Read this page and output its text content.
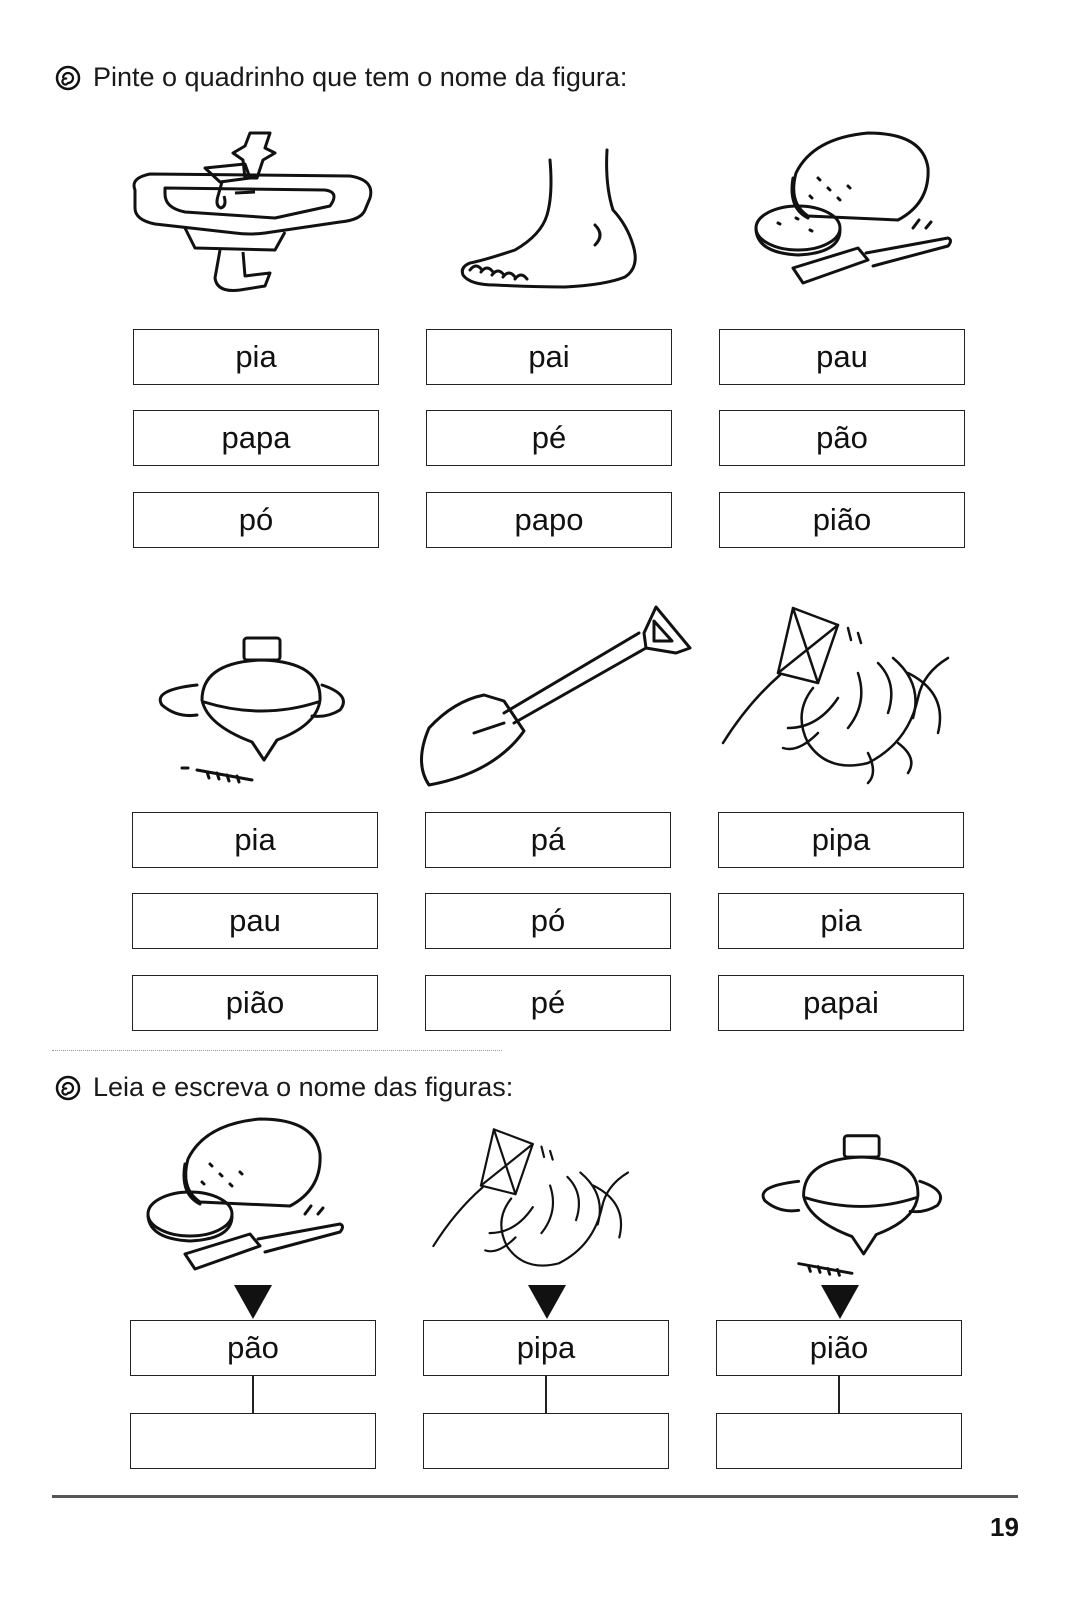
Pinte o quadrinho que tem o nome da figura:
pia
papa
pó
pai
pé
papo
pau
pão
pião
pia
pau
pião
pá
pó
pé
pipa
pia
papai
Leia e escreva o nome das figuras:
pão	pipa	pião
19
